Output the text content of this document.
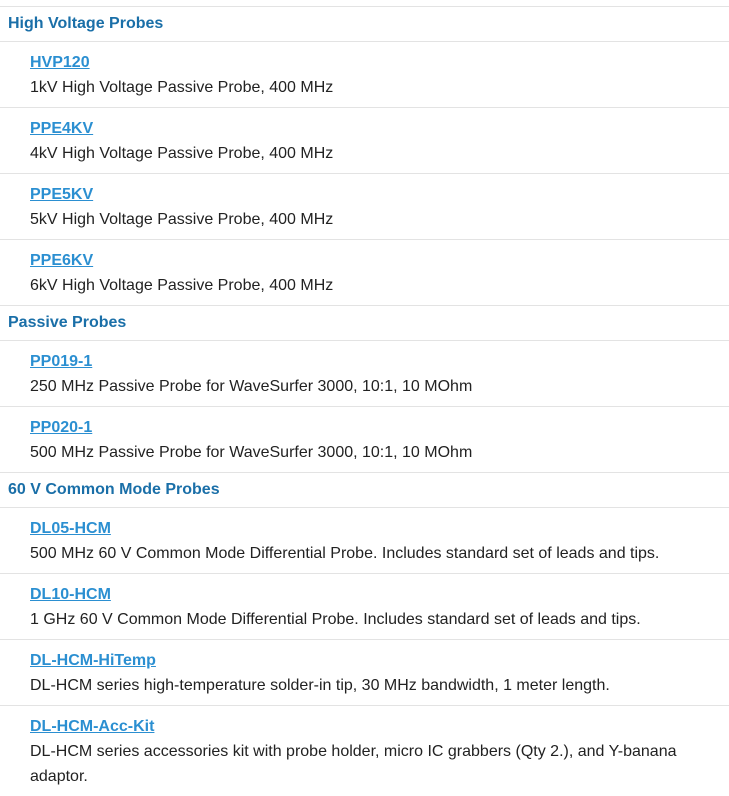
High Voltage Probes
HVP120
1kV High Voltage Passive Probe, 400 MHz
PPE4KV
4kV High Voltage Passive Probe, 400 MHz
PPE5KV
5kV High Voltage Passive Probe, 400 MHz
PPE6KV
6kV High Voltage Passive Probe, 400 MHz
Passive Probes
PP019-1
250 MHz Passive Probe for WaveSurfer 3000, 10:1, 10 MOhm
PP020-1
500 MHz Passive Probe for WaveSurfer 3000, 10:1, 10 MOhm
60 V Common Mode Probes
DL05-HCM
500 MHz 60 V Common Mode Differential Probe. Includes standard set of leads and tips.
DL10-HCM
1 GHz 60 V Common Mode Differential Probe. Includes standard set of leads and tips.
DL-HCM-HiTemp
DL-HCM series high-temperature solder-in tip, 30 MHz bandwidth, 1 meter length.
DL-HCM-Acc-Kit
DL-HCM series accessories kit with probe holder, micro IC grabbers (Qty 2.), and Y-banana adaptor.
